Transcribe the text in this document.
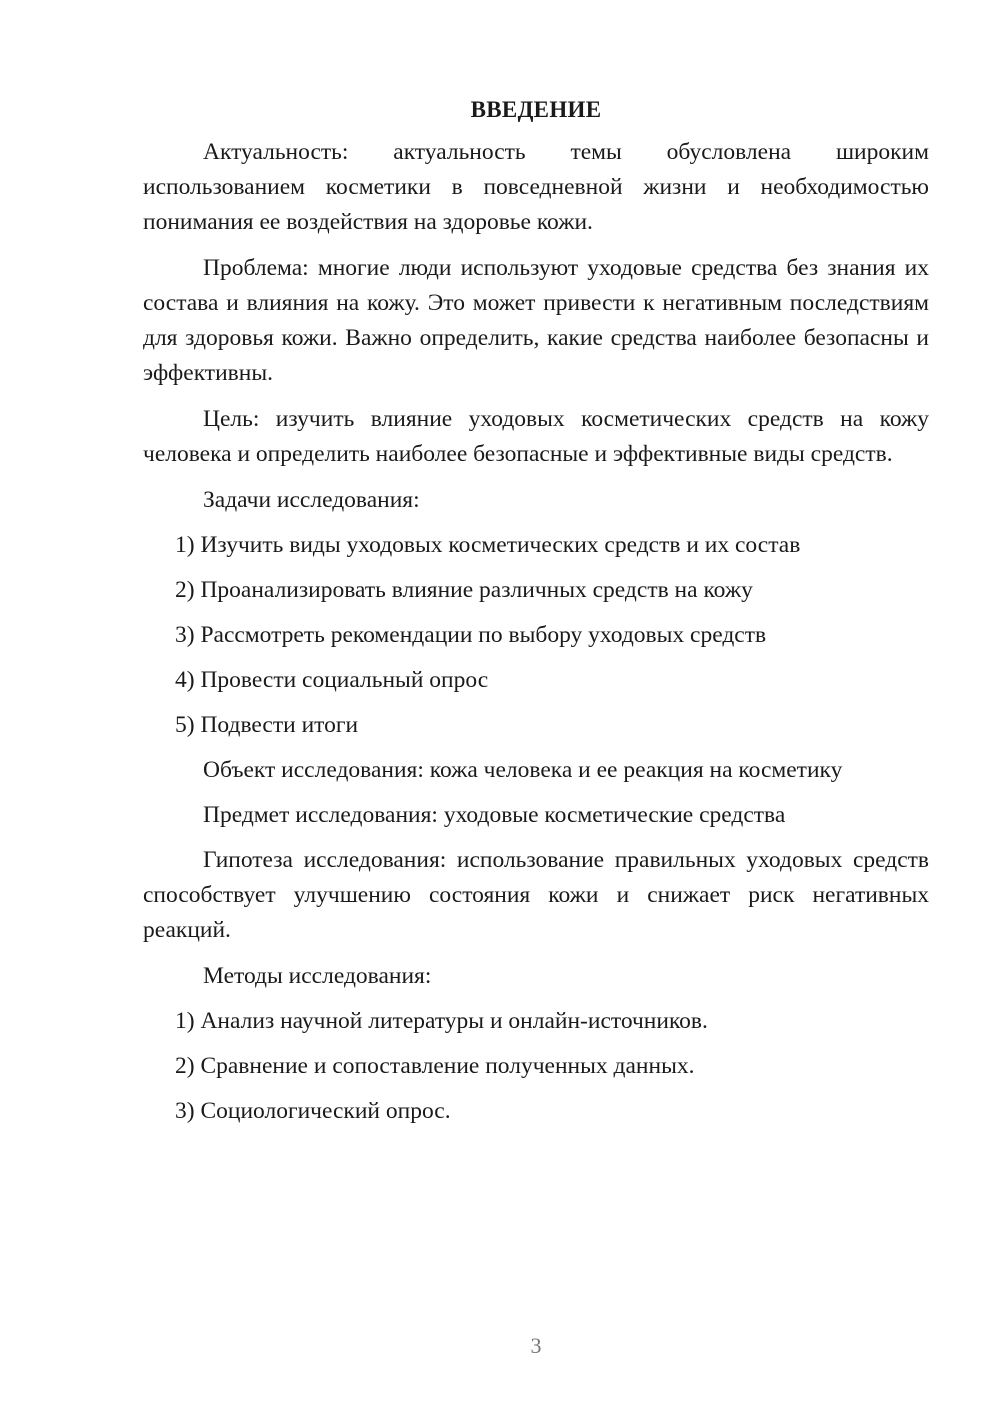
ВВЕДЕНИЕ
Актуальность: актуальность темы обусловлена широким использованием косметики в повседневной жизни и необходимостью понимания ее воздействия на здоровье кожи.
Проблема: многие люди используют уходовые средства без знания их состава и влияния на кожу. Это может привести к негативным последствиям для здоровья кожи. Важно определить, какие средства наиболее безопасны и эффективны.
Цель: изучить влияние уходовых косметических средств на кожу человека и определить наиболее безопасные и эффективные виды средств.
Задачи исследования:
1) Изучить виды уходовых косметических средств и их состав
2) Проанализировать влияние различных средств на кожу
3) Рассмотреть рекомендации по выбору уходовых средств
4) Провести социальный опрос
5) Подвести итоги
Объект исследования: кожа человека и ее реакция на косметику
Предмет исследования: уходовые косметические средства
Гипотеза исследования: использование правильных уходовых средств способствует улучшению состояния кожи и снижает риск негативных реакций.
Методы исследования:
1) Анализ научной литературы и онлайн-источников.
2) Сравнение и сопоставление полученных данных.
3) Социологический опрос.
3
